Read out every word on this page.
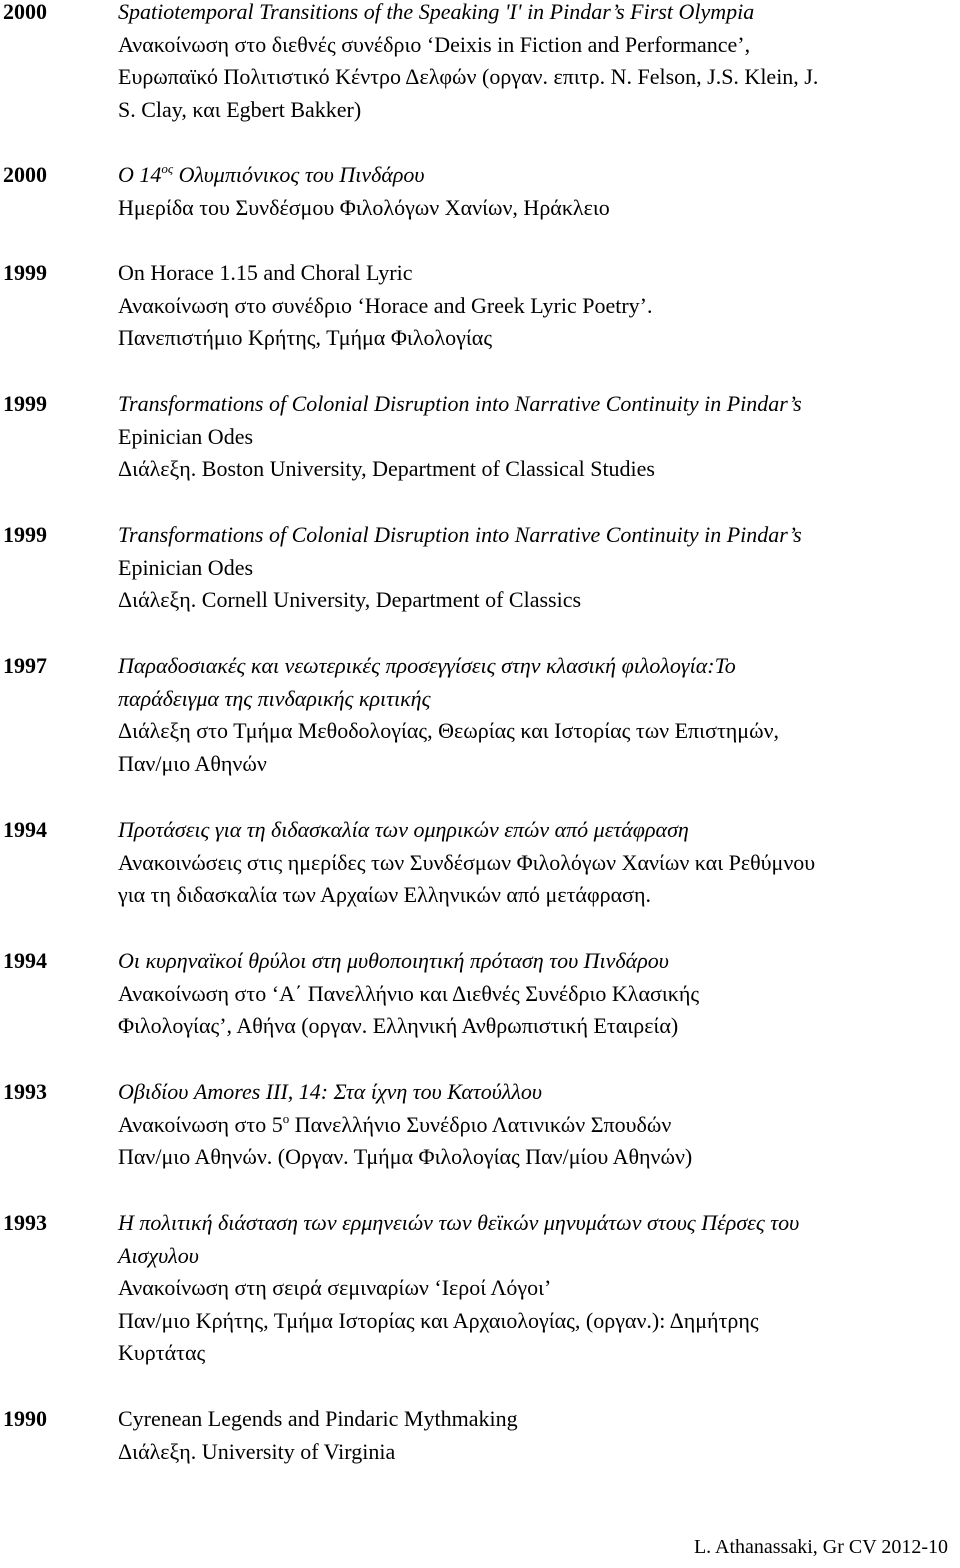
2000	Spatiotemporal Transitions of the Speaking 'I' in Pindar’s First Olympia
Ανακοίνωση στο διεθνές συνέδριο ‘Deixis in Fiction and Performance’,
Ευρωπαϊκό Πολιτιστικό Κέντρο Δελφών (οργαν. επιτρ. N. Felson, J.S. Klein, J.
S. Clay, και Egbert Bakker)
2000	Ο $14^{o\varsigma}$ Ολυμπιόνικος του Πινδάρου
Ημερίδα του Συνδέσμου Φιλολόγων Χανίων, Ηράκλειο
1999	On Horace 1.15 and Choral Lyric
Ανακοίνωση στο συνέδριο ‘Horace and Greek Lyric Poetry’.
Πανεπιστήμιο Κρήτης, Τμήμα Φιλολογίας
1999	Transformations of Colonial Disruption into Narrative Continuity in Pindar’s
Epinician Odes
Διάλεξη. Boston University, Department of Classical Studies
1999	Transformations of Colonial Disruption into Narrative Continuity in Pindar’s
Epinician Odes
Διάλεξη. Cornell University, Department of Classics
1997	Παραδοσιακές και νεωτερικές προσεγγίσεις στην κλασική φιλολογία:Το
παράδειγμα της πινδαρικής κριτικής
Διάλεξη στο Τμήμα Μεθοδολογίας, Θεωρίας και Ιστορίας των Επιστημών,
Παν/μιο Αθηνών
1994	Προτάσεις για τη διδασκαλία των ομηρικών επών από μετάφραση
Ανακοινώσεις στις ημερίδες των Συνδέσμων Φιλολόγων Χανίων και Ρεθύμνου
για τη διδασκαλία των Αρχαίων Ελληνικών από μετάφραση.
1994	Οι κυρηναϊκοί θρύλοι στη μυθοποιητική πρόταση του Πινδάρου
Ανακοίνωση στο ‘Α΄ Πανελλήνιο και Διεθνές Συνέδριο Κλασικής
Φιλολογίας’, Αθήνα (οργαν. Ελληνική Ανθρωπιστική Εταιρεία)
1993	Οβιδίου Amores III, 14: Στα ίχνη του Κατούλλου
Ανακοίνωση στο $5^o$ Πανελλήνιο Συνέδριο Λατινικών Σπουδών
Παν/μιο Αθηνών. (Οργαν. Τμήμα Φιλολογίας Παν/μίου Αθηνών)
1993	Η πολιτική διάσταση των ερμηνειών των θεϊκών μηνυμάτων στους Πέρσες του
Αισχυλου
Ανακοίνωση στη σειρά σεμιναρίων ‘Ιεροί Λόγοι’
Παν/μιο Κρήτης, Τμήμα Ιστορίας και Αρχαιολογίας, (οργαν.): Δημήτρης
Κυρτάτας
1990	Cyrenean Legends and Pindaric Mythmaking
Διάλεξη. University of Virginia
L. Athanassaki, Gr CV 2012-10
